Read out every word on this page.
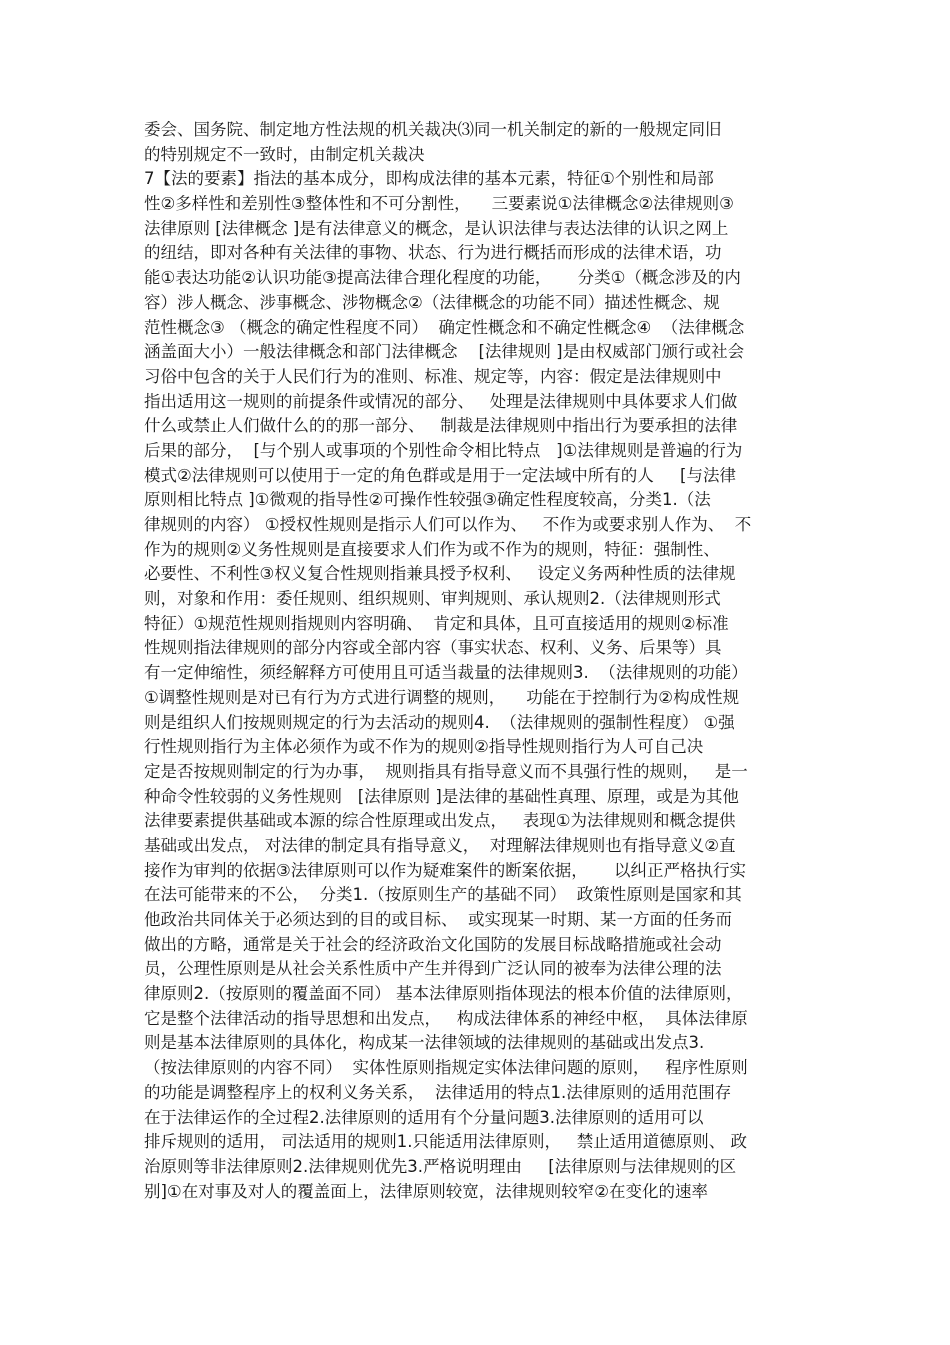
委会、国务院、制定地方性法规的机关裁决⑶同一机关制定的新的一般规定同旧
的特别规定不一致时，由制定机关裁决
7【法的要素】指法的基本成分，即构成法律的基本元素，特征①个别性和局部
性②多样性和差别性③整体性和不可分割性，    三要素说①法律概念②法律规则③
法律原则 [法律概念 ]是有法律意义的概念，是认识法律与表达法律的认识之网上
的纽结，即对各种有关法律的事物、状态、行为进行概括而形成的法律术语，功
能①表达功能②认识功能③提高法律合理化程度的功能，     分类①（概念涉及的内
容）涉人概念、涉事概念、涉物概念②（法律概念的功能不同）描述性概念、规
范性概念③ （概念的确定性程度不同）  确定性概念和不确定性概念④  （法律概念
涵盖面大小）一般法律概念和部门法律概念    [法律规则 ]是由权威部门颁行或社会
习俗中包含的关于人民们行为的准则、标准、规定等，内容：假定是法律规则中
指出适用这一规则的前提条件或情况的部分、   处理是法律规则中具体要求人们做
什么或禁止人们做什么的的那一部分、   制裁是法律规则中指出行为要承担的法律
后果的部分，  [与个别人或事项的个别性命令相比特点   ]①法律规则是普遍的行为
模式②法律规则可以使用于一定的角色群或是用于一定法域中所有的人     [与法律
原则相比特点 ]①微观的指导性②可操作性较强③确定性程度较高，分类1.（法
律规则的内容） ①授权性规则是指示人们可以作为、   不作为或要求别人作为、  不
作为的规则②义务性规则是直接要求人们作为或不作为的规则，特征：强制性、
必要性、不利性③权义复合性规则指兼具授予权利、   设定义务两种性质的法律规
则，对象和作用：委任规则、组织规则、审判规则、承认规则2.（法律规则形式
特征）①规范性规则指规则内容明确、  肯定和具体，且可直接适用的规则②标准
性规则指法律规则的部分内容或全部内容（事实状态、权利、义务、后果等）具
有一定伸缩性，须经解释方可使用且可适当裁量的法律规则3.  （法律规则的功能）
①调整性规则是对已有行为方式进行调整的规则，    功能在于控制行为②构成性规
则是组织人们按规则规定的行为去活动的规则4.  （法律规则的强制性程度） ①强
行性规则指行为主体必须作为或不作为的规则②指导性规则指行为人可自己决
定是否按规则制定的行为办事，  规则指具有指导意义而不具强行性的规则，   是一
种命令性较弱的义务性规则   [法律原则 ]是法律的基础性真理、原理，或是为其他
法律要素提供基础或本源的综合性原理或出发点，   表现①为法律规则和概念提供
基础或出发点， 对法律的制定具有指导意义，  对理解法律规则也有指导意义②直
接作为审判的依据③法律原则可以作为疑难案件的断案依据，     以纠正严格执行实
在法可能带来的不公，  分类1.（按原则生产的基础不同）  政策性原则是国家和其
他政治共同体关于必须达到的目的或目标、  或实现某一时期、某一方面的任务而
做出的方略，通常是关于社会的经济政治文化国防的发展目标战略措施或社会动
员，公理性原则是从社会关系性质中产生并得到广泛认同的被奉为法律公理的法
律原则2.（按原则的覆盖面不同） 基本法律原则指体现法的根本价值的法律原则，
它是整个法律活动的指导思想和出发点，   构成法律体系的神经中枢，  具体法律原
则是基本法律原则的具体化，构成某一法律领域的法律规则的基础或出发点3.
（按法律原则的内容不同）  实体性原则指规定实体法律问题的原则，   程序性原则
的功能是调整程序上的权利义务关系，  法律适用的特点1.法律原则的适用范围存
在于法律运作的全过程2.法律原则的适用有个分量问题3.法律原则的适用可以
排斥规则的适用， 司法适用的规则1.只能适用法律原则，   禁止适用道德原则、 政
治原则等非法律原则2.法律规则优先3.严格说明理由     [法律原则与法律规则的区
别]①在对事及对人的覆盖面上，法律原则较宽，法律规则较窄②在变化的速率
